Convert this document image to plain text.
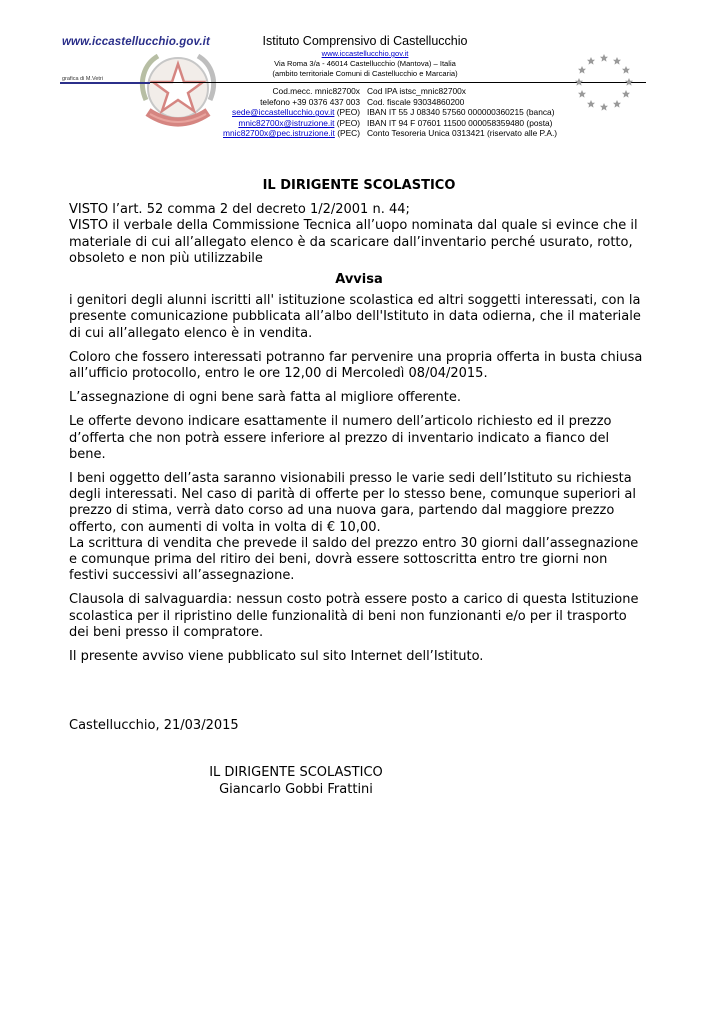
www.iccastellucchio.gov.it
grafica di M.Vetri
Istituto Comprensivo di Castellucchio
www.iccastellucchio.gov.it
Via Roma 3/a - 46014 Castellucchio (Mantova) – Italia
(ambito territoriale Comuni di Castellucchio e Marcaria)
Cod.mecc. mnic82700x
telefono +39 0376 437 003
sede@iccastellucchio.gov.it (PEO)
mnic82700x@istruzione.it (PEO)
mnic82700x@pec.istruzione.it (PEC)
Cod IPA istsc_mnic82700x
Cod. fiscale 93034860200
IBAN IT 55 J 08340 57560 000000360215 (banca)
IBAN IT 94 F 07601 11500 000058359480 (posta)
Conto Tesoreria Unica 0313421 (riservato alle P.A.)

IL DIRIGENTE SCOLASTICO

VISTO l’art. 52 comma 2 del decreto 1/2/2001 n. 44;

VISTO il verbale della Commissione Tecnica all’uopo nominata dal quale si evince che il materiale di cui all’allegato elenco è da scaricare dall’inventario perché usurato, rotto, obsoleto e non più utilizzabile

Avvisa

i genitori degli alunni iscritti all' istituzione scolastica ed altri soggetti interessati, con la presente comunicazione pubblicata all’albo dell'Istituto in data odierna, che il materiale di cui all’allegato elenco è in vendita.

Coloro che fossero interessati potranno far pervenire una propria offerta in busta chiusa all’ufficio protocollo, entro le ore 12,00 di Mercoledì 08/04/2015.

L’assegnazione di ogni bene sarà fatta al migliore offerente.

Le offerte devono indicare esattamente il numero dell’articolo richiesto ed il prezzo d’offerta che non potrà essere inferiore al prezzo di inventario indicato a fianco del bene.

I beni oggetto dell’asta saranno visionabili presso le varie sedi dell’Istituto su richiesta degli interessati. Nel caso di parità di offerte per lo stesso bene, comunque superiori al prezzo di stima, verrà dato corso ad una nuova gara, partendo dal maggiore prezzo offerto, con aumenti di volta in volta di € 10,00.

La scrittura di vendita che prevede il saldo del prezzo entro 30 giorni dall’assegnazione e comunque prima del ritiro dei beni, dovrà essere sottoscritta entro tre giorni non festivi successivi all’assegnazione.

Clausola di salvaguardia: nessun costo potrà essere posto a carico di questa Istituzione scolastica per il ripristino delle funzionalità di beni non funzionanti e/o per il trasporto dei beni presso il compratore.

Il presente avviso viene pubblicato sul sito Internet dell’Istituto.

Castellucchio, 21/03/2015

IL DIRIGENTE SCOLASTICO

Giancarlo Gobbi Frattini
